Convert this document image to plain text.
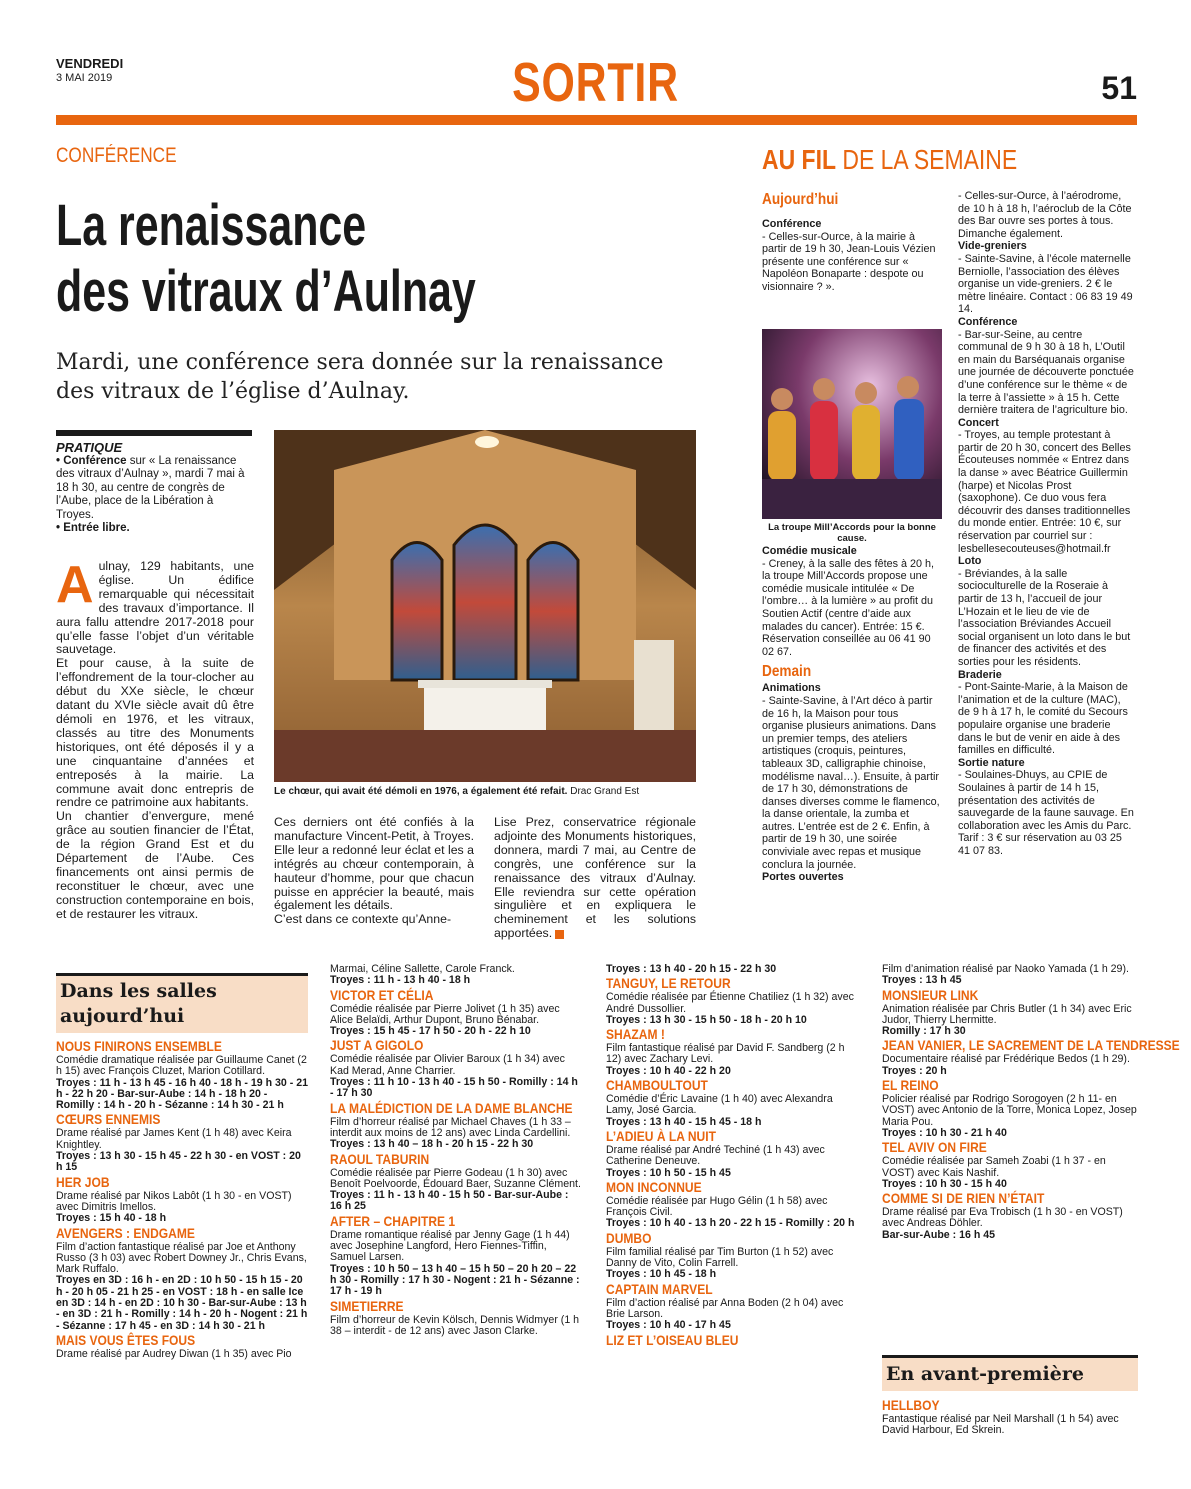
VENDREDI
3 MAI 2019	SORTIR	51
CONFÉRENCE
La renaissance
des vitraux d’Aulnay
Mardi, une conférence sera donnée sur la renaissance des vitraux de l’église d’Aulnay.
PRATIQUE
• Conférence sur « La renaissance des vitraux d’Aulnay », mardi 7 mai à 18 h 30, au centre de congrès de l’Aube, place de la Libération à Troyes.
• Entrée libre.
A ulnay, 129 habitants, une église. Un édifice remarquable qui nécessitait des travaux d’importance. Il aura fallu attendre 2017-2018 pour qu’elle fasse l’objet d’un véritable sauvetage.
Et pour cause, à la suite de l’effondrement de la tour-clocher au début du XXe siècle, le chœur datant du XVIe siècle avait dû être démoli en 1976, et les vitraux, classés au titre des Monuments historiques, ont été déposés il y a une cinquantaine d’années et entreposés à la mairie. La commune avait donc entrepris de rendre ce patrimoine aux habitants.
Un chantier d’envergure, mené grâce au soutien financier de l’État, de la région Grand Est et du Département de l’Aube. Ces financements ont ainsi permis de reconstituer le chœur, avec une construction contemporaine en bois, et de restaurer les vitraux.
Le chœur, qui avait été démoli en 1976, a également été refait. Drac Grand Est
Ces derniers ont été confiés à la manufacture Vincent-Petit, à Troyes. Elle leur a redonné leur éclat et les a intégrés au chœur contemporain, à hauteur d’homme, pour que chacun puisse en apprécier la beauté, mais également les détails.
C’est dans ce contexte qu’Anne-
Lise Prez, conservatrice régionale adjointe des Monuments historiques, donnera, mardi 7 mai, au Centre de congrès, une conférence sur la renaissance des vitraux d’Aulnay. Elle reviendra sur cette opération singulière et en expliquera le cheminement et les solutions apportées.
AU FIL DE LA SEMAINE
Aujourd’hui
Conférence
- Celles-sur-Ource, à la mairie à partir de 19 h 30, Jean-Louis Vézien présente une conférence sur « Napoléon Bonaparte : despote ou visionnaire ? ».
La troupe Mill’Accords pour la bonne cause.
Comédie musicale
- Creney, à la salle des fêtes à 20 h, la troupe Mill’Accords propose une comédie musicale intitulée « De l’ombre… à la lumière » au profit du Soutien Actif (centre d’aide aux malades du cancer). Entrée: 15 €. Réservation conseillée au 06 41 90 02 67.
Demain
Animations
- Sainte-Savine, à l’Art déco à partir de 16 h, la Maison pour tous organise plusieurs animations. Dans un premier temps, des ateliers artistiques (croquis, peintures, tableaux 3D, calligraphie chinoise, modélisme naval…). Ensuite, à partir de 17 h 30, démonstrations de danses diverses comme le flamenco, la danse orientale, la zumba et autres. L’entrée est de 2 €. Enfin, à partir de 19 h 30, une soirée conviviale avec repas et musique conclura la journée.
Portes ouvertes
- Celles-sur-Ource, à l’aérodrome, de 10 h à 18 h, l’aéroclub de la Côte des Bar ouvre ses portes à tous. Dimanche également.
Vide-greniers
- Sainte-Savine, à l’école maternelle Berniolle, l’association des élèves organise un vide-greniers. 2 € le mètre linéaire. Contact : 06 83 19 49 14.
Conférence
- Bar-sur-Seine, au centre communal de 9 h 30 à 18 h, L’Outil en main du Barséquanais organise une journée de découverte ponctuée d’une conférence sur le thème « de la terre à l’assiette » à 15 h. Cette dernière traitera de l’agriculture bio.
Concert
- Troyes, au temple protestant à partir de 20 h 30, concert des Belles Écouteuses nommée « Entrez dans la danse » avec Béatrice Guillermin (harpe) et Nicolas Prost (saxophone). Ce duo vous fera découvrir des danses traditionnelles du monde entier. Entrée: 10 €, sur réservation par courriel sur : lesbellesecouteuses@hotmail.fr
Loto
- Bréviandes, à la salle socioculturelle de la Roseraie à partir de 13 h, l’accueil de jour L’Hozain et le lieu de vie de l’association Bréviandes Accueil social organisent un loto dans le but de financer des activités et des sorties pour les résidents.
Braderie
- Pont-Sainte-Marie, à la Maison de l’animation et de la culture (MAC), de 9 h à 17 h, le comité du Secours populaire organise une braderie dans le but de venir en aide à des familles en difficulté.
Sortie nature
- Soulaines-Dhuys, au CPIE de Soulaines à partir de 14 h 15, présentation des activités de sauvegarde de la faune sauvage. En collaboration avec les Amis du Parc. Tarif : 3 € sur réservation au 03 25 41 07 83.
Dans les salles
aujourd’hui
NOUS FINIRONS ENSEMBLE
Comédie dramatique réalisée par Guillaume Canet (2 h 15) avec François Cluzet, Marion Cotillard.
Troyes : 11 h - 13 h 45 - 16 h 40 - 18 h - 19 h 30 - 21 h - 22 h 20 - Bar-sur-Aube : 14 h - 18 h 20 - Romilly : 14 h - 20 h - Sézanne : 14 h 30 - 21 h
CŒURS ENNEMIS
Drame réalisé par James Kent (1 h 48) avec Keira Knightley.
Troyes : 13 h 30 - 15 h 45 - 22 h 30 - en VOST : 20 h 15
HER JOB
Drame réalisé par Nikos Labôt (1 h 30 - en VOST) avec Dimitris Imellos.
Troyes : 15 h 40 - 18 h
AVENGERS : ENDGAME
Film d’action fantastique réalisé par Joe et Anthony Russo (3 h 03) avec Robert Downey Jr., Chris Evans, Mark Ruffalo.
Troyes en 3D : 16 h - en 2D : 10 h 50 - 15 h 15 - 20 h - 20 h 05 - 21 h 25 - en VOST : 18 h - en salle Ice en 3D : 14 h - en 2D : 10 h 30 - Bar-sur-Aube : 13 h - en 3D : 21 h - Romilly : 14 h - 20 h - Nogent : 21 h - Sézanne : 17 h 45 - en 3D : 14 h 30 - 21 h
MAIS VOUS ÊTES FOUS
Drame réalisé par Audrey Diwan (1 h 35) avec Pio
Marmai, Céline Sallette, Carole Franck.
Troyes : 11 h - 13 h 40 - 18 h
VICTOR ET CÉLIA
Comédie réalisée par Pierre Jolivet (1 h 35) avec Alice Belaïdi, Arthur Dupont, Bruno Bénabar.
Troyes : 15 h 45 - 17 h 50 - 20 h - 22 h 10
JUST A GIGOLO
Comédie réalisée par Olivier Baroux (1 h 34) avec Kad Merad, Anne Charrier.
Troyes : 11 h 10 - 13 h 40 - 15 h 50 - Romilly : 14 h - 17 h 30
LA MALÉDICTION DE LA DAME BLANCHE
Film d’horreur réalisé par Michael Chaves (1 h 33 – interdit aux moins de 12 ans) avec Linda Cardellini.
Troyes : 13 h 40 – 18 h - 20 h 15 - 22 h 30
RAOUL TABURIN
Comédie réalisée par Pierre Godeau (1 h 30) avec Benoît Poelvoorde, Édouard Baer, Suzanne Clément.
Troyes : 11 h - 13 h 40 - 15 h 50 - Bar-sur-Aube : 16 h 25
AFTER – CHAPITRE 1
Drame romantique réalisé par Jenny Gage (1 h 44) avec Josephine Langford, Hero Fiennes-Tiffin, Samuel Larsen.
Troyes : 10 h 50 – 13 h 40 – 15 h 50 – 20 h 20 – 22 h 30 - Romilly : 17 h 30 - Nogent : 21 h - Sézanne : 17 h - 19 h
SIMETIERRE
Film d’horreur de Kevin Kölsch, Dennis Widmyer (1 h 38 – interdit - de 12 ans) avec Jason Clarke.
Troyes : 13 h 40 - 20 h 15 - 22 h 30
TANGUY, LE RETOUR
Comédie réalisée par Étienne Chatiliez (1 h 32) avec André Dussollier.
Troyes : 13 h 30 - 15 h 50 - 18 h - 20 h 10
SHAZAM !
Film fantastique réalisé par David F. Sandberg (2 h 12) avec Zachary Levi.
Troyes : 10 h 40 - 22 h 20
CHAMBOULTOUT
Comédie d’Éric Lavaine (1 h 40) avec Alexandra Lamy, José Garcia.
Troyes : 13 h 40 - 15 h 45 - 18 h
L’ADIEU À LA NUIT
Drame réalisé par André Techiné (1 h 43) avec Catherine Deneuve.
Troyes : 10 h 50 - 15 h 45
MON INCONNUE
Comédie réalisée par Hugo Gélin (1 h 58) avec François Civil.
Troyes : 10 h 40 - 13 h 20 - 22 h 15 - Romilly : 20 h
DUMBO
Film familial réalisé par Tim Burton (1 h 52) avec Danny de Vito, Colin Farrell.
Troyes : 10 h 45 - 18 h
CAPTAIN MARVEL
Film d’action réalisé par Anna Boden (2 h 04) avec Brie Larson.
Troyes : 10 h 40 - 17 h 45
LIZ ET L’OISEAU BLEU
Film d’animation réalisé par Naoko Yamada (1 h 29).
Troyes : 13 h 45
MONSIEUR LINK
Animation réalisée par Chris Butler (1 h 34) avec Eric Judor, Thierry Lhermitte.
Romilly : 17 h 30
JEAN VANIER, LE SACREMENT DE LA TENDRESSE
Documentaire réalisé par Frédérique Bedos (1 h 29).
Troyes : 20 h
EL REINO
Policier réalisé par Rodrigo Sorogoyen (2 h 11- en VOST) avec Antonio de la Torre, Monica Lopez, Josep Maria Pou.
Troyes : 10 h 30 - 21 h 40
TEL AVIV ON FIRE
Comédie réalisée par Sameh Zoabi (1 h 37 - en VOST) avec Kais Nashif.
Troyes : 10 h 30 - 15 h 40
COMME SI DE RIEN N’ÉTAIT
Drame réalisé par Eva Trobisch (1 h 30 - en VOST) avec Andreas Döhler.
Bar-sur-Aube : 16 h 45
En avant-première
HELLBOY
Fantastique réalisé par Neil Marshall (1 h 54) avec David Harbour, Ed Skrein.
